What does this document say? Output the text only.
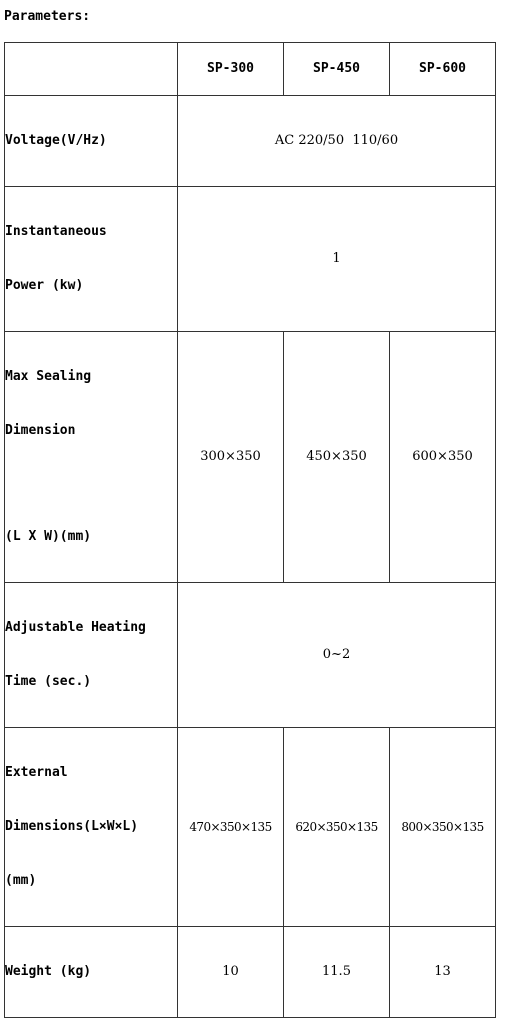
Parameters:
	SP-300	SP-450	SP-600

Voltage(V/Hz)	AC 220/50  110/60		

Instantaneous

Power (kw)	1		

Max Sealing

Dimension

(L X W)(mm)	300×350	450×350	600×350

Adjustable Heating

Time (sec.)	0~2		

External

Dimensions(L×W×L)

(mm)	470×350×135	620×350×135	800×350×135

Weight (kg)	10	11.5	13
